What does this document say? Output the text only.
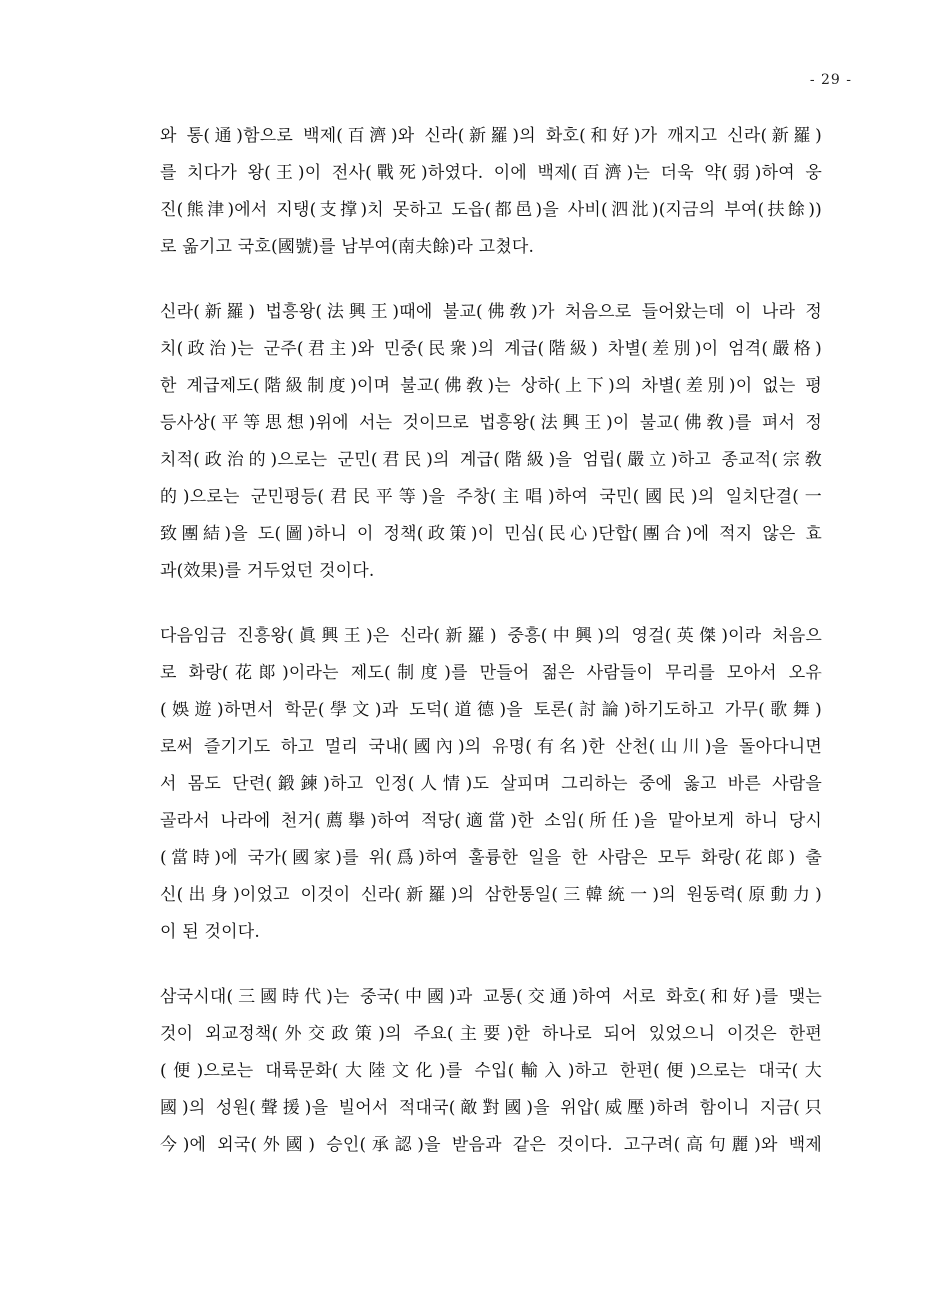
- 29 -
와 통(通)함으로 백제(百濟)와 신라(新羅)의 화호(和好)가 깨지고 신라(新羅)
를 치다가 왕(王)이 전사(戰死)하였다. 이에 백제(百濟)는 더욱 약(弱)하여 웅
진(熊津)에서 지탱(支撑)치 못하고 도읍(都邑)을 사비(泗沘)(지금의 부여(扶餘))
로 옮기고 국호(國號)를 남부여(南夫餘)라 고쳤다.
신라(新羅) 법흥왕(法興王)때에 불교(佛敎)가 처음으로 들어왔는데 이 나라 정
치(政治)는 군주(君主)와 민중(民衆)의 계급(階級) 차별(差別)이 엄격(嚴格)
한 계급제도(階級制度)이며 불교(佛敎)는 상하(上下)의 차별(差別)이 없는 평
등사상(平等思想)위에 서는 것이므로 법흥왕(法興王)이 불교(佛敎)를 펴서 정
치적(政治的)으로는 군민(君民)의 계급(階級)을 엄립(嚴立)하고 종교적(宗敎
的)으로는 군민평등(君民平等)을 주창(主唱)하여 국민(國民)의 일치단결(一
致團結)을 도(圖)하니 이 정책(政策)이 민심(民心)단합(團合)에 적지 않은 효
과(效果)를 거두었던 것이다.
다음임금 진흥왕(眞興王)은 신라(新羅) 중흥(中興)의 영걸(英傑)이라 처음으
로 화랑(花郞)이라는 제도(制度)를 만들어 젊은 사람들이 무리를 모아서 오유
(娛遊)하면서 학문(學文)과 도덕(道德)을 토론(討論)하기도하고 가무(歌舞)
로써 즐기기도 하고 멀리 국내(國內)의 유명(有名)한 산천(山川)을 돌아다니면
서 몸도 단련(鍛鍊)하고 인정(人情)도 살피며 그리하는 중에 옳고 바른 사람을
골라서 나라에 천거(薦擧)하여 적당(適當)한 소임(所任)을 맡아보게 하니 당시
(當時)에 국가(國家)를 위(爲)하여 훌륭한 일을 한 사람은 모두 화랑(花郞) 출
신(出身)이었고 이것이 신라(新羅)의 삼한통일(三韓統一)의 원동력(原動力)
이 된 것이다.
삼국시대(三國時代)는 중국(中國)과 교통(交通)하여 서로 화호(和好)를 맺는
것이 외교정책(外交政策)의 주요(主要)한 하나로 되어 있었으니 이것은 한편
(便)으로는 대륙문화(大陸文化)를 수입(輸入)하고 한편(便)으로는 대국(大
國)의 성원(聲援)을 빌어서 적대국(敵對國)을 위압(威壓)하려 함이니 지금(只
今)에 외국(外國) 승인(承認)을 받음과 같은 것이다. 고구려(高句麗)와 백제
